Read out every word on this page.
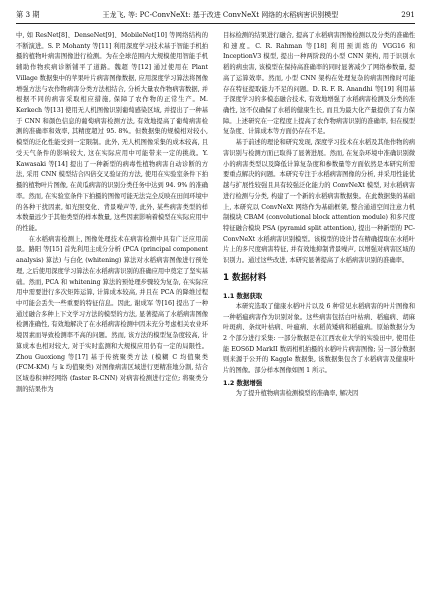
第 3 期	王龙飞, 等: PC-ConvNeXt: 基于改进 ConvNeXt 网络的水稻病害识别模型	291

中, 如 ResNet[8]、DenseNet[9]、MobileNet[10] 等网络结构的不断演进。S. P. Mohanty 等[11] 利用深度学习技术基于智能手机拍摄的植物叶病害图像进行检测。为在全球范围内大规模使用智能手机辅助作物疾病诊断铺平了道路。魏超 等[12] 通过使用在 Plant Village 数据集中的苹果叶片病害图像数据, 应用深度学习算法将图像增强方法与农作物病害分类方法相结合, 分析大量农作物病害数据, 并根据不同的病害采取相应措施, 保障了农作物的正常生产。M. Kerkech 等[13] 使用无人机图像识别葡萄感染区域, 并提出了一种基于 CNN 和颜色信息的葡萄病害检测方法, 有效地提高了葡萄病害检测的准确率和效率, 其精度超过 95. 8%。但数据集的规模相对较小, 模型的泛化性能受到一定限制。此外, 无人机图像采集的成本较高, 且受天气条件的影响较大, 这在实际应用中可能带来一定的挑战。Y. Kawasaki 等[14] 提出了一种新型的病毒性植物病害自动诊断的方法, 采用 CNN 模型结合四倍交叉验证的方法, 使用在实验室条件下拍摄的植物叶片图像, 在黄瓜病害的识别分类任务中达到 94. 9% 的准确率。然而, 在实验室条件下拍摄的图像可能无法完全反映在田间环境中的各种干扰因素, 如光照变化、背景噪声等, 此外, 某些病害类型的样本数量远少于其他类型的样本数量, 这些因素影响着模型在实际应用中的性能。

在水稻病害检测上, 图像处理技术在病害检测中具有广泛应用前景。路阳 等[15] 首先利用主成分分析 (PCA (principal component analysis) 算法) 与白化 (whitening) 算法对水稻病害图像进行预处理, 之后使用深度学习算法在水稻病害识别的准确应用中奠定了坚实基础。然而, PCA 和 whitening 算法的预处理步骤较为复杂, 在实际应用中需要进行多次矩阵运算, 计算成本较高, 并且在 PCA 的降维过程中可能会丢失一些重要的特征信息。因此, 谢成军 等[16] 提出了一种通过融合多种上下文学习方法的模型的方法, 显著提高了水稻病害图像检测准确性, 有效地解决了在水稻病害检测中因未充分考虑相关农业环境因素而导致检测率不高的问题。然而, 该方法的模型复杂度较高, 计算成本也相对较大, 对于实时监测和大规模应用仍有一定的局限性。Zhou Guoxiong 等[17] 基于传统聚类方法 (模糊 C 均值聚类 (FCM-KM) 与 k 均值聚类) 对图像病害区域进行更精准地分割, 结合区域卷积神经网络 (faster R-CNN) 对病害检测进行定位; 将聚类分割的结果作为

目标检测的结果进行融合, 提高了水稻病害图像检测以及分类的准确性和速度。C. R. Rahman 等[18] 利用预训练的 VGG16 和 InceptionV3 模型, 提出一种两阶段的小型 CNN 架构, 用于识别水稻的病虫害, 该模型在保持高准确率的同时显著减少了网络参数量, 提高了运算效率。然而, 小型 CNN 架构在处理复杂的病害图像时可能存在特征提取能力不足的问题。D. R. F. R. Anandhi 等[19] 利用基于深度学习的多模态融合技术, 有效地增强了水稻病害检测及分类的准确性, 这不仅确保了水稻的健康生长, 而且为最大化产量提供了有力保障。上述研究在一定程度上提高了农作物病害识别的准确率, 但在模型复杂度、计算成本等方面仍存在不足。

基于前述的理论和研究发现, 深度学习技术在水稻及其他作物的病害识别与检测方面已取得了显著进展。然而, 在复杂环境中准确识别微小的病害类型以及降低计算复杂度和参数量等方面依然是本研究所需要重点解决的问题。本研究专注于水稻病害图像的分析, 并采用性能优越与扩展性较强且具有较强泛化能力的 ConvNeXt 模型, 对水稻病害进行检测与分类, 构建了一个新的水稻病害数据集。在此数据集的基础上, 本研究以 ConvNeXt 网络作为基础框架, 整合通道空间注意力机制模块 CBAM (convolutional block attention module) 和多尺度特征融合模块 PSA (pyramid split attention), 提出一种新型的 PC-ConvNeXt 水稻病害识别模型。该模型的设计旨在精确提取在水稻叶片上的多尺度病害特征, 并有效地抑制背景噪声, 以增强对病害区域的识别力。通过这些改进, 本研究显著提高了水稻病害识别的准确率。

1 数据材料
1.1 数据获取

本研究选取了健康水稻叶片以及 6 种常见水稻病害的叶片图像和一种稻瘟病害作为识别对象。这些病害包括白叶枯病、稻瘟病、胡麻叶斑病、条纹叶枯病、叶瘟病、水稻黄矮病和稻瘟病。原始数据分为 2 个部分进行采集: 一部分数据是在江西农业大学的实验田中, 使用佳能 EOS6D MarkII 数码相机拍摄的水稻叶片病害图像; 另一部分数据则来源于公开的 Kaggle 数据集, 该数据集包含了水稻病害及健康叶片的图像。部分样本图像如图 1 所示。

1.2 数据增强

为了提升植物病害检测模型的准确率, 解决因
